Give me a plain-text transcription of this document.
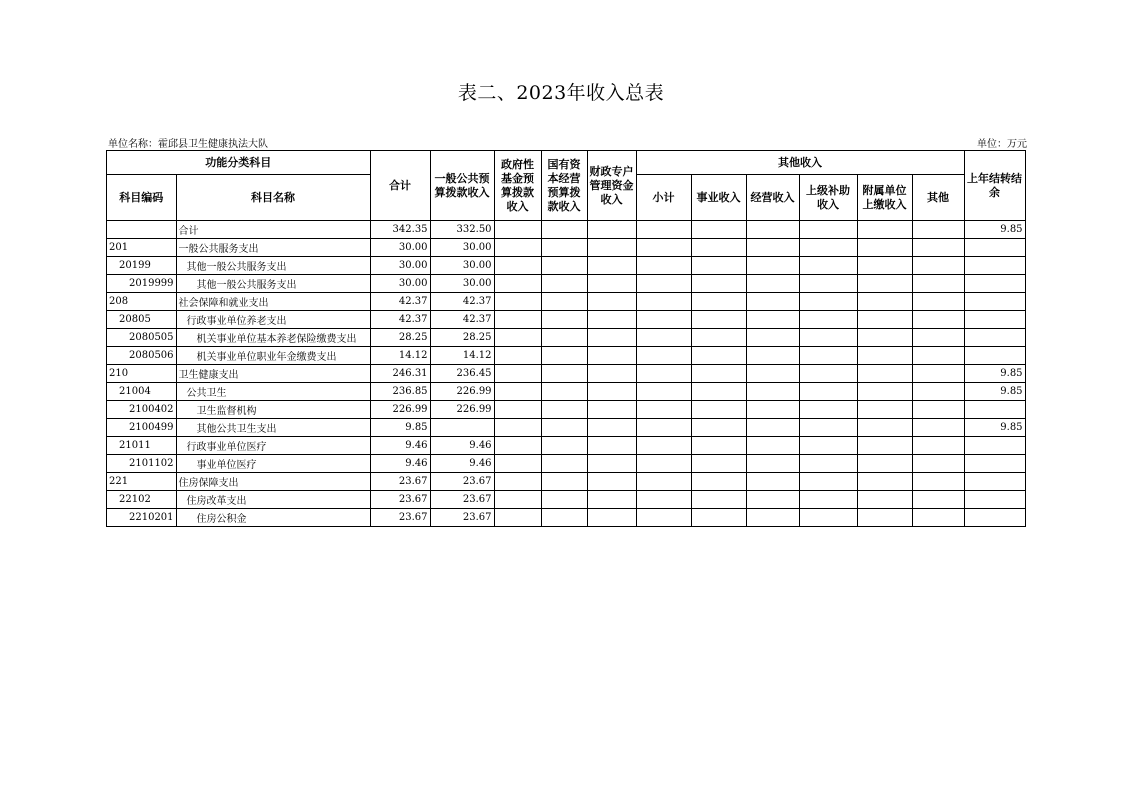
表二、2023年收入总表
单位名称：霍邱县卫生健康执法大队	单位：万元
功能分类科目		合计	一般公共预算拨款收入	政府性基金预算拨款收入	国有资本经营预算拨款收入	财政专户管理资金收入	其他收入						上年结转结余
科目编码	科目名称						小计	事业收入	经营收入	上级补助收入	附属单位上缴收入	其他	
	合计	342.35	332.50										9.85
201	一般公共服务支出	30.00	30.00										
20199	其他一般公共服务支出	30.00	30.00										
2019999	其他一般公共服务支出	30.00	30.00										
208	社会保障和就业支出	42.37	42.37										
20805	行政事业单位养老支出	42.37	42.37										
2080505	机关事业单位基本养老保险缴费支出	28.25	28.25										
2080506	机关事业单位职业年金缴费支出	14.12	14.12										
210	卫生健康支出	246.31	236.45										9.85
21004	公共卫生	236.85	226.99										9.85
2100402	卫生监督机构	226.99	226.99										
2100499	其他公共卫生支出	9.85											9.85
21011	行政事业单位医疗	9.46	9.46										
2101102	事业单位医疗	9.46	9.46										
221	住房保障支出	23.67	23.67										
22102	住房改革支出	23.67	23.67										
2210201	住房公积金	23.67	23.67										
